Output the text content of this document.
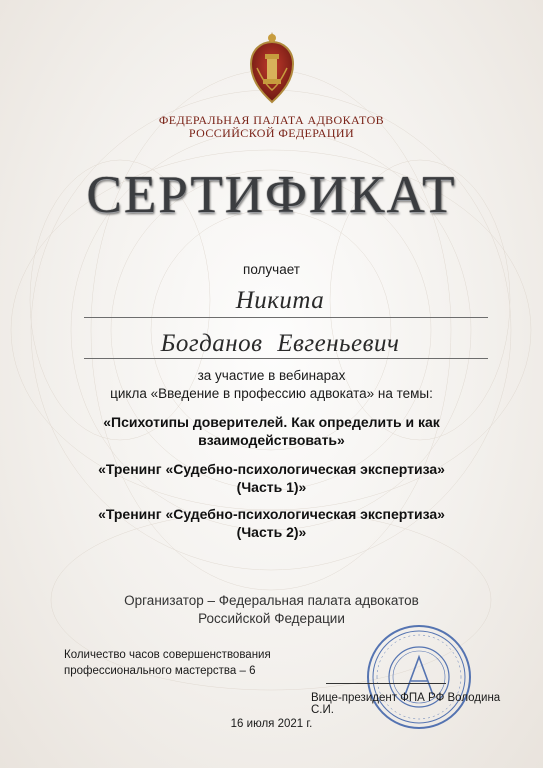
ФЕДЕРАЛЬНАЯ ПАЛАТА АДВОКАТОВ
РОССИЙСКОЙ ФЕДЕРАЦИИ
СЕРТИФИКАТ
получает
Никита
Богданов Евгеньевич
за участие в вебинарах
цикла «Введение в профессию адвоката» на темы:
«Психотипы доверителей. Как определить и как
взаимодействовать»
«Тренинг «Судебно-психологическая экспертиза»
(Часть 1)»
«Тренинг «Судебно-психологическая экспертиза»
(Часть 2)»
Организатор – Федеральная палата адвокатов
Российской Федерации
Количество часов совершенствования
профессионального мастерства – 6
Вице-президент ФПА РФ Володина С.И.
16 июля 2021 г.
